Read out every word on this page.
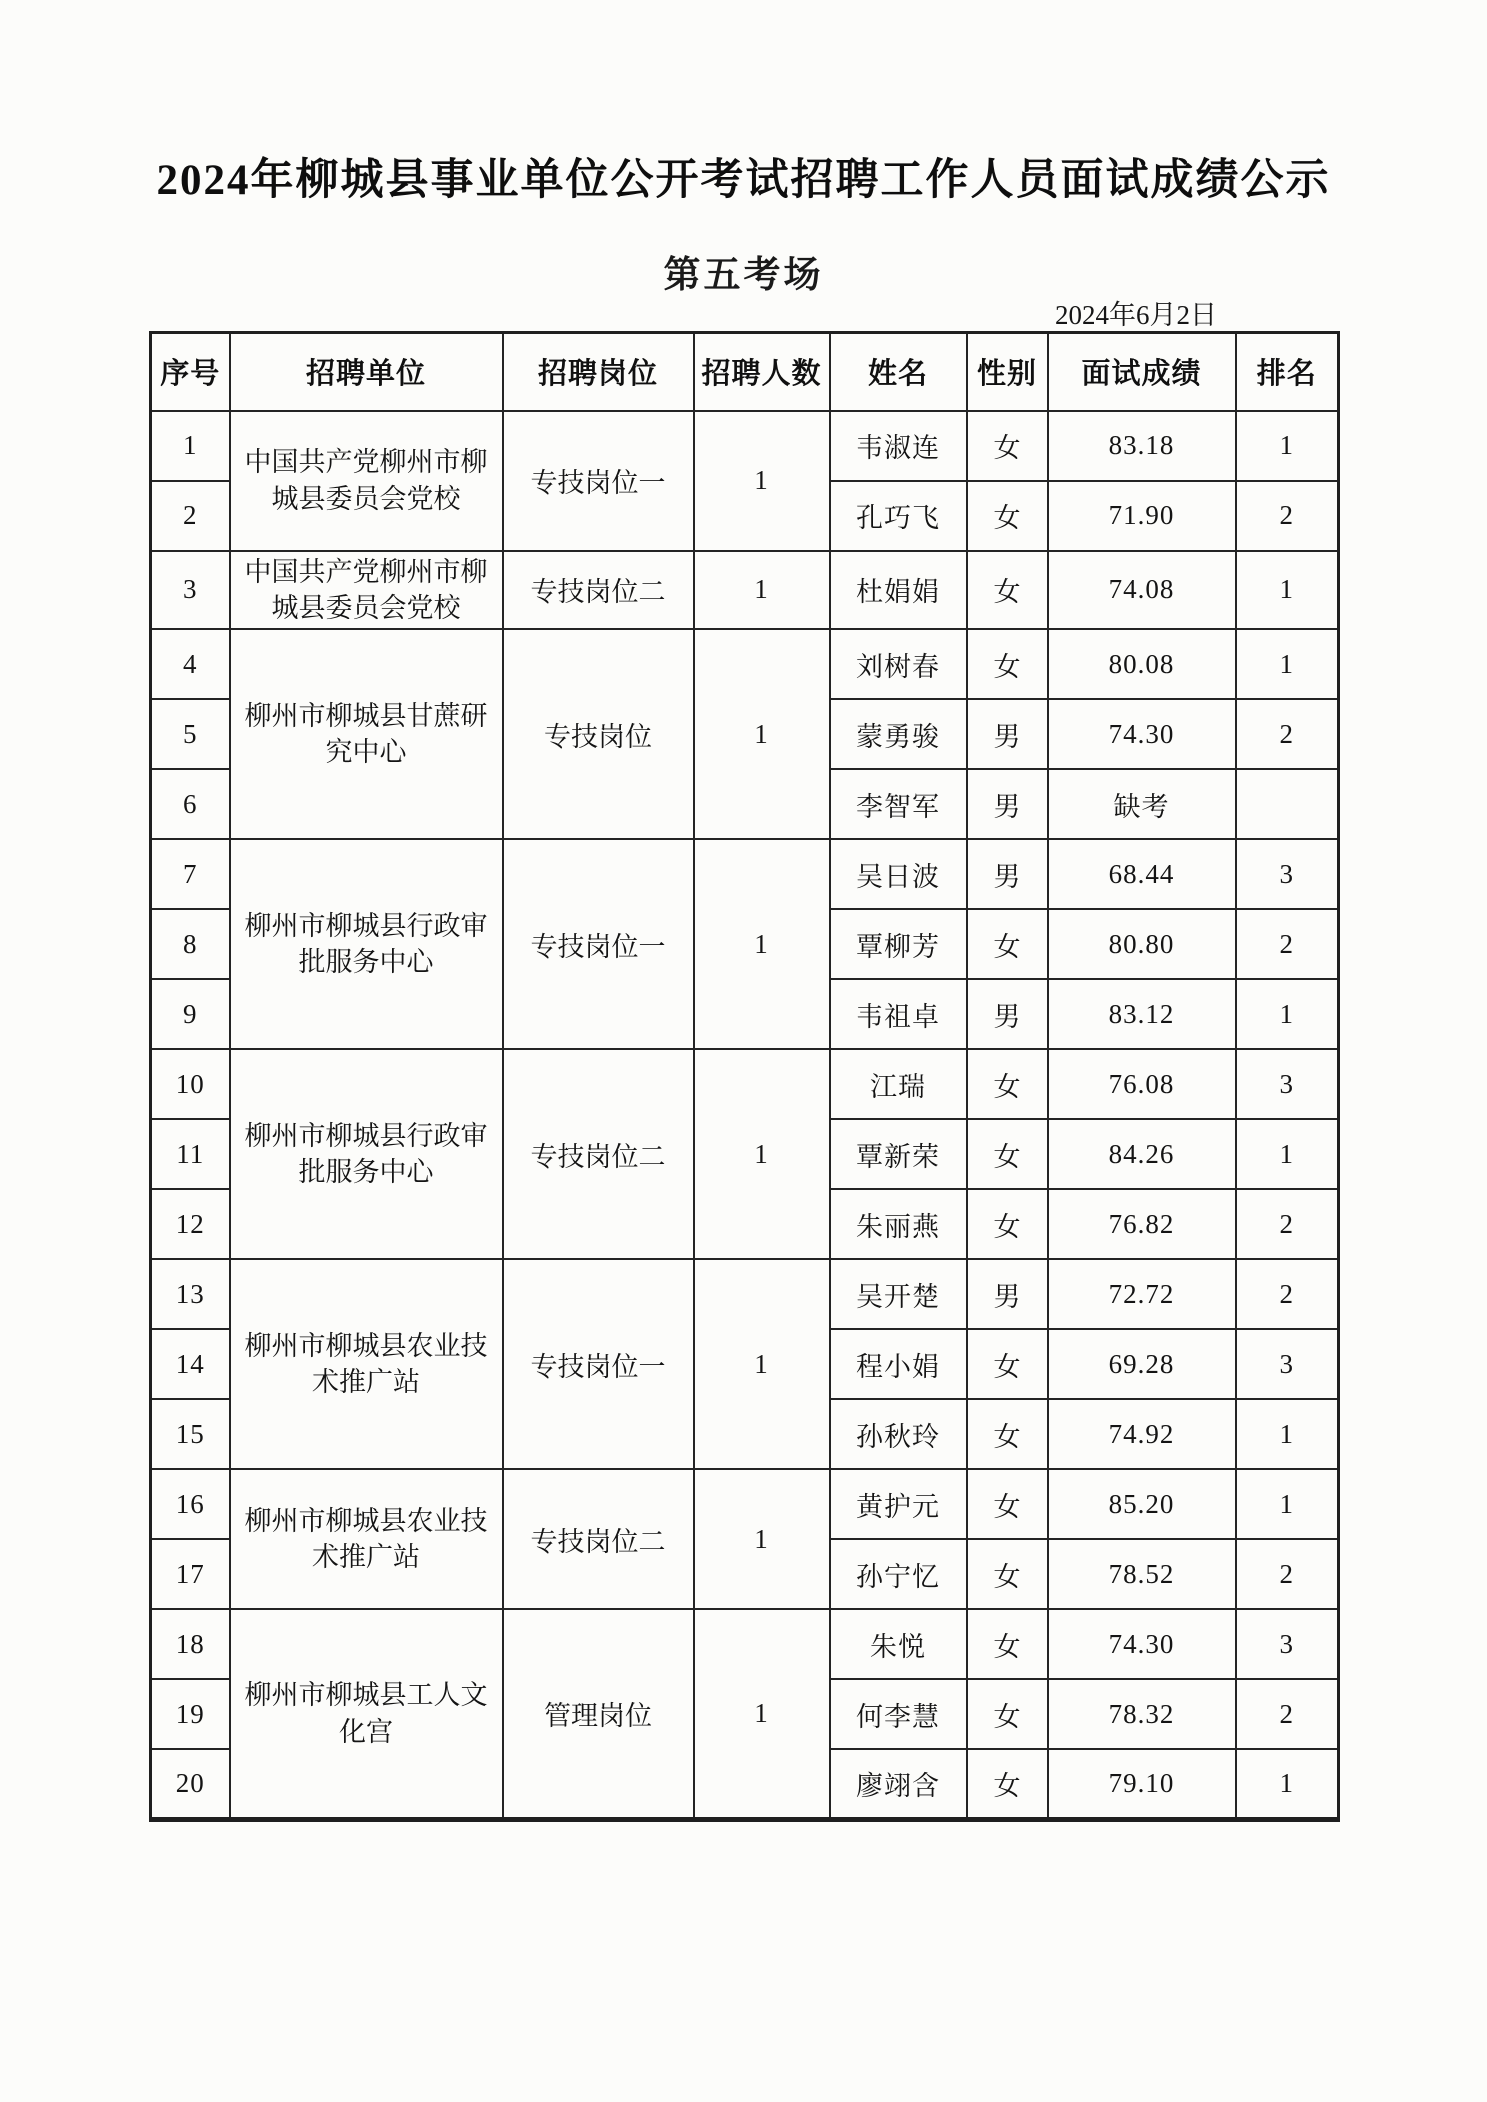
2024年柳城县事业单位公开考试招聘工作人员面试成绩公示
第五考场
2024年6月2日
序号	招聘单位	招聘岗位	招聘人数	姓名	性别	面试成绩	排名
1	中国共产党柳州市柳城县委员会党校	专技岗位一	1	韦淑连	女	83.18	1
2				孔巧飞	女	71.90	2
3	中国共产党柳州市柳城县委员会党校	专技岗位二	1	杜娟娟	女	74.08	1
4	柳州市柳城县甘蔗研究中心	专技岗位	1	刘树春	女	80.08	1
5				蒙勇骏	男	74.30	2
6				李智军	男	缺考	
7	柳州市柳城县行政审批服务中心	专技岗位一	1	吴日波	男	68.44	3
8				覃柳芳	女	80.80	2
9				韦祖卓	男	83.12	1
10	柳州市柳城县行政审批服务中心	专技岗位二	1	江瑞	女	76.08	3
11				覃新荣	女	84.26	1
12				朱丽燕	女	76.82	2
13	柳州市柳城县农业技术推广站	专技岗位一	1	吴开楚	男	72.72	2
14				程小娟	女	69.28	3
15				孙秋玲	女	74.92	1
16	柳州市柳城县农业技术推广站	专技岗位二	1	黄护元	女	85.20	1
17				孙宁忆	女	78.52	2
18	柳州市柳城县工人文化宫	管理岗位	1	朱悦	女	74.30	3
19				何李慧	女	78.32	2
20				廖翊含	女	79.10	1
